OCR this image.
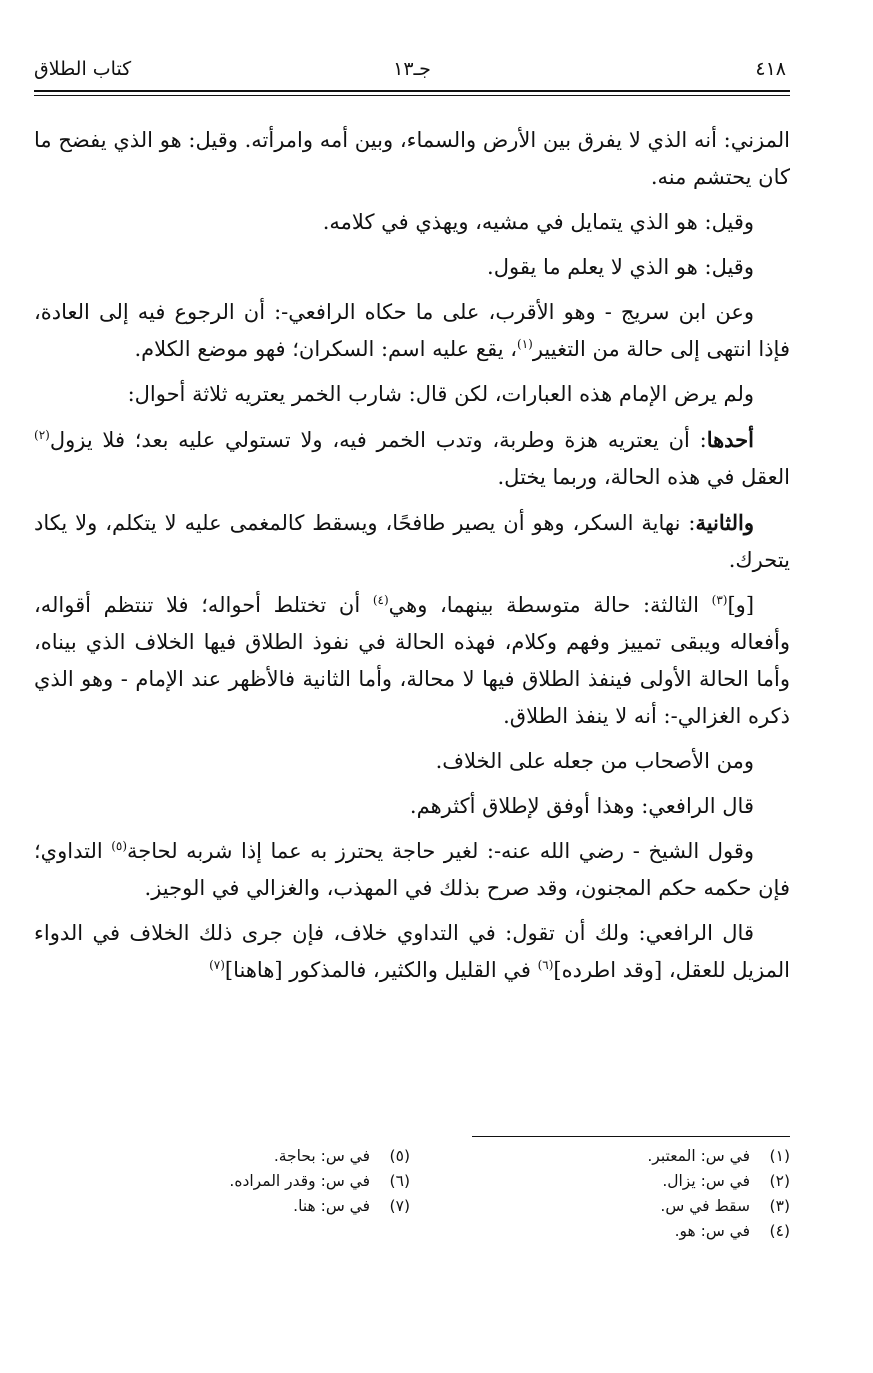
٤١٨
جـ١٣
كتاب الطلاق

المزني: أنه الذي لا يفرق بين الأرض والسماء، وبين أمه وامرأته. وقيل: هو الذي يفضح ما كان يحتشم منه.

وقيل: هو الذي يتمايل في مشيه، ويهذي في كلامه.

وقيل: هو الذي لا يعلم ما يقول.

وعن ابن سريج - وهو الأقرب، على ما حكاه الرافعي-: أن الرجوع فيه إلى العادة، فإذا انتهى إلى حالة من التغيير$^{(١)}$، يقع عليه اسم: السكران؛ فهو موضع الكلام.

ولم يرض الإمام هذه العبارات، لكن قال: شارب الخمر يعتريه ثلاثة أحوال:

أحدها: أن يعتريه هزة وطربة، وتدب الخمر فيه، ولا تستولي عليه بعد؛ فلا يزول$^{(٢)}$ العقل في هذه الحالة، وربما يختل.

والثانية: نهاية السكر، وهو أن يصير طافحًا، ويسقط كالمغمى عليه لا يتكلم، ولا يكاد يتحرك.

[و]$^{(٣)}$ الثالثة: حالة متوسطة بينهما، وهي$^{(٤)}$ أن تختلط أحواله؛ فلا تنتظم أقواله، وأفعاله ويبقى تمييز وفهم وكلام، فهذه الحالة في نفوذ الطلاق فيها الخلاف الذي بيناه، وأما الحالة الأولى فينفذ الطلاق فيها لا محالة، وأما الثانية فالأظهر عند الإمام - وهو الذي ذكره الغزالي-: أنه لا ينفذ الطلاق.

ومن الأصحاب من جعله على الخلاف.

قال الرافعي: وهذا أوفق لإطلاق أكثرهم.

وقول الشيخ - رضي الله عنه-: لغير حاجة يحترز به عما إذا شربه لحاجة$^{(٥)}$ التداوي؛ فإن حكمه حكم المجنون، وقد صرح بذلك في المهذب، والغزالي في الوجيز.

قال الرافعي: ولك أن تقول: في التداوي خلاف، فإن جرى ذلك الخلاف في الدواء المزيل للعقل، [وقد اطرده]$^{(٦)}$ في القليل والكثير، فالمذكور [هاهنا]$^{(٧)}$

(١)في س: المعتبر.
(٢)في س: يزال.
(٣)سقط في س.
(٤)في س: هو.
(٥)في س: بحاجة.
(٦)في س: وقدر المراده.
(٧)في س: هنا.
